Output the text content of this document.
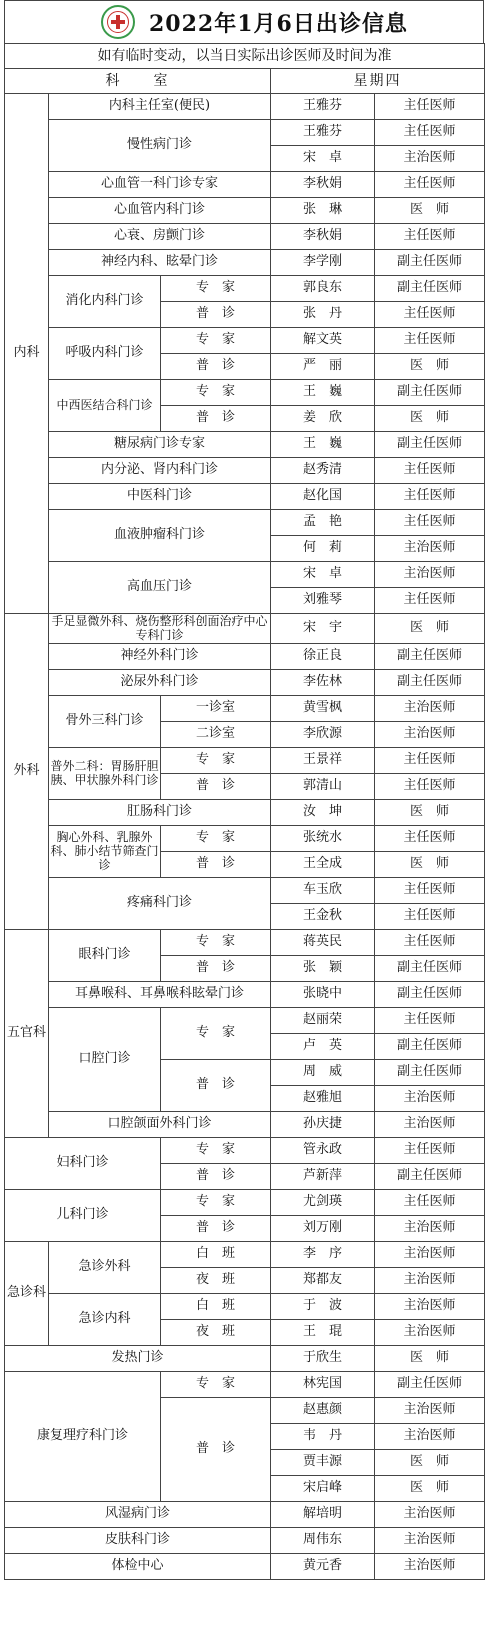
2022年1月6日出诊信息
如有临时变动，以当日实际出诊医师及时间为准				
科　　室			星期四	
内科	内科主任室(便民)		王雅芬	主任医师
	慢性病门诊		王雅芬	主任医师
			宋　卓	主治医师
	心血管一科门诊专家		李秋娟	主任医师
	心血管内科门诊		张　琳	医　师
	心衰、房颤门诊		李秋娟	主任医师
	神经内科、眩晕门诊		李学刚	副主任医师
	消化内科门诊	专　家	郭良东	副主任医师
		普　诊	张　丹	主任医师
	呼吸内科门诊	专　家	解文英	主任医师
		普　诊	严　丽	医　师
	中西医结合科门诊	专　家	王　巍	副主任医师
		普　诊	姜　欣	医　师
	糖尿病门诊专家		王　巍	副主任医师
	内分泌、肾内科门诊		赵秀清	主任医师
	中医科门诊		赵化国	主任医师
	血液肿瘤科门诊		孟　艳	主任医师
			何　莉	主治医师
	高血压门诊		宋　卓	主治医师
			刘雅琴	主任医师
外科	手足显微外科、烧伤整形科创面治疗中心专科门诊		宋　宇	医　师
	神经外科门诊		徐正良	副主任医师
	泌尿外科门诊		李佐林	副主任医师
	骨外三科门诊	一诊室	黄雪枫	主治医师
		二诊室	李欣源	主治医师
	普外二科：胃肠肝胆胰、甲状腺外科门诊	专　家	王景祥	主任医师
		普　诊	郭清山	主任医师
	肛肠科门诊		汝　坤	医　师
	胸心外科、乳腺外科、肺小结节筛查门诊	专　家	张统水	主任医师
		普　诊	王全成	医　师
	疼痛科门诊		车玉欣	主任医师
			王金秋	主任医师
五官科	眼科门诊	专　家	蒋英民	主任医师
		普　诊	张　颖	副主任医师
	耳鼻喉科、耳鼻喉科眩晕门诊		张晓中	副主任医师
	口腔门诊	专　家	赵丽荣	主任医师
			卢　英	副主任医师
		普　诊	周　威	副主任医师
			赵雅旭	主治医师
	口腔颌面外科门诊		孙庆捷	主治医师
妇科门诊		专　家	管永政	主任医师
		普　诊	芦新萍	副主任医师
儿科门诊		专　家	尤剑瑛	主任医师
		普　诊	刘万刚	主治医师
急诊科	急诊外科	白　班	李　序	主治医师
		夜　班	郑都友	主治医师
	急诊内科	白　班	于　波	主治医师
		夜　班	王　琨	主治医师
发热门诊			于欣生	医　师
康复理疗科门诊		专　家	林宪国	副主任医师
		普　诊	赵惠颜	主治医师
			韦　丹	主治医师
			贾丰源	医　师
			宋启峰	医　师

风湿病门诊			解培明	主治医师
皮肤科门诊			周伟东	主治医师
体检中心			黄元香	主治医师
